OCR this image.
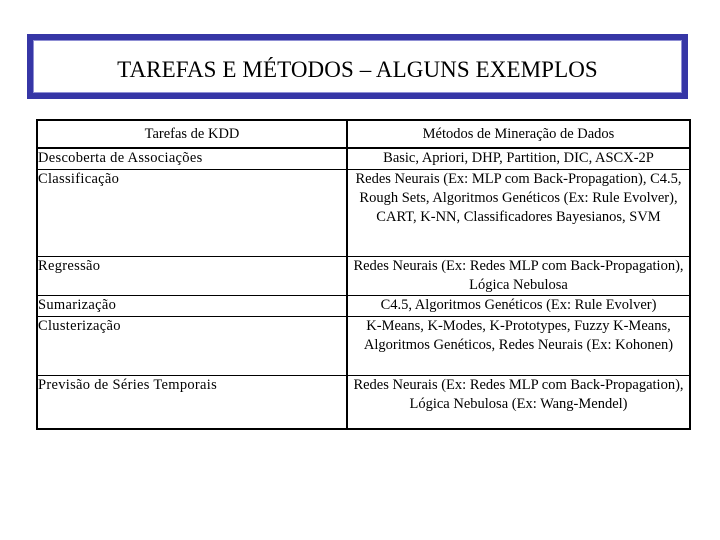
TAREFAS E MÉTODOS – ALGUNS EXEMPLOS
Tarefas de KDD	Métodos de Mineração de Dados
Descoberta de Associações	Basic, Apriori, DHP, Partition, DIC, ASCX-2P
Classificação	Redes Neurais (Ex: MLP com Back-Propagation), C4.5, Rough Sets, Algoritmos Genéticos (Ex: Rule Evolver), CART, K-NN, Classificadores Bayesianos, SVM
Regressão	Redes Neurais (Ex: Redes MLP com Back-Propagation), Lógica Nebulosa
Sumarização	C4.5, Algoritmos Genéticos (Ex: Rule Evolver)
Clusterização	K-Means, K-Modes, K-Prototypes, Fuzzy K-Means, Algoritmos Genéticos, Redes Neurais (Ex: Kohonen)
Previsão de Séries Temporais	Redes Neurais (Ex: Redes MLP com Back-Propagation), Lógica Nebulosa (Ex: Wang-Mendel)
